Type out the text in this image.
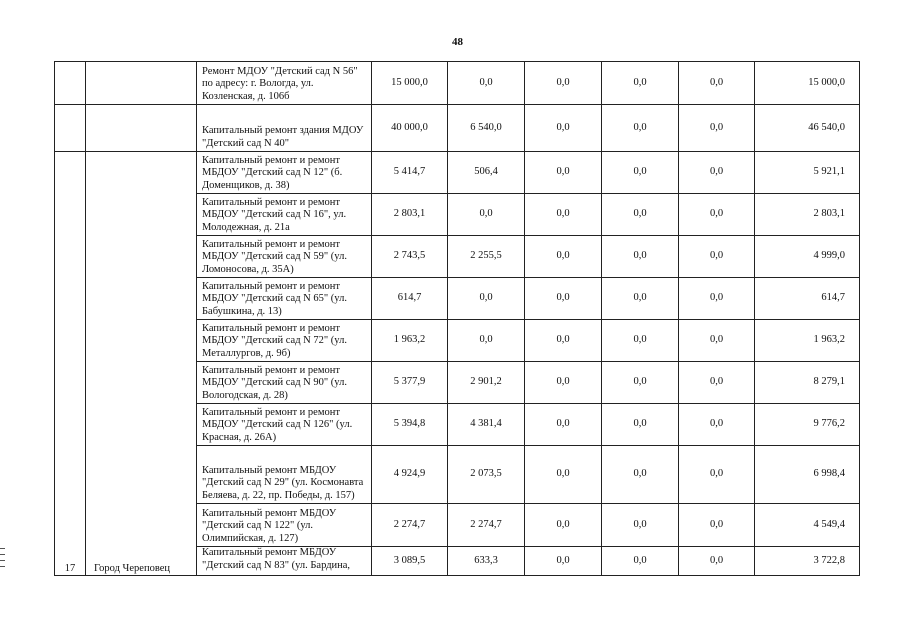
48
		Ремонт МДОУ "Детский сад N 56" по адресу: г. Вологда, ул. Козленская, д. 106б	15 000,0	0,0	0,0	0,0	0,0	15 000,0
		Капитальный ремонт здания МДОУ "Детский сад N 40"	40 000,0	6 540,0	0,0	0,0	0,0	46 540,0
17	Город Череповец	Капитальный ремонт и ремонт МБДОУ "Детский сад N 12" (б. Доменщиков, д. 38)	5 414,7	506,4	0,0	0,0	0,0	5 921,1
		Капитальный ремонт и ремонт МБДОУ "Детский сад N 16", ул. Молодежная, д. 21а	2 803,1	0,0	0,0	0,0	0,0	2 803,1
		Капитальный ремонт и ремонт МБДОУ "Детский сад N 59" (ул. Ломоносова, д. 35А)	2 743,5	2 255,5	0,0	0,0	0,0	4 999,0
		Капитальный ремонт и ремонт МБДОУ "Детский сад N 65" (ул. Бабушкина, д. 13)	614,7	0,0	0,0	0,0	0,0	614,7
		Капитальный ремонт и ремонт МБДОУ "Детский сад N 72" (ул. Металлургов, д. 9б)	1 963,2	0,0	0,0	0,0	0,0	1 963,2
		Капитальный ремонт и ремонт МБДОУ "Детский сад N 90" (ул. Вологодская, д. 28)	5 377,9	2 901,2	0,0	0,0	0,0	8 279,1
		Капитальный ремонт и ремонт МБДОУ "Детский сад N 126" (ул. Красная, д. 26А)	5 394,8	4 381,4	0,0	0,0	0,0	9 776,2
		Капитальный ремонт МБДОУ "Детский сад N 29" (ул. Космонавта Беляева, д. 22, пр. Победы, д. 157)	4 924,9	2 073,5	0,0	0,0	0,0	6 998,4
		Капитальный ремонт МБДОУ "Детский сад N 122" (ул. Олимпийская, д. 127)	2 274,7	2 274,7	0,0	0,0	0,0	4 549,4
		Капитальный ремонт МБДОУ "Детский сад N 83" (ул. Бардина,	3 089,5	633,3	0,0	0,0	0,0	3 722,8
